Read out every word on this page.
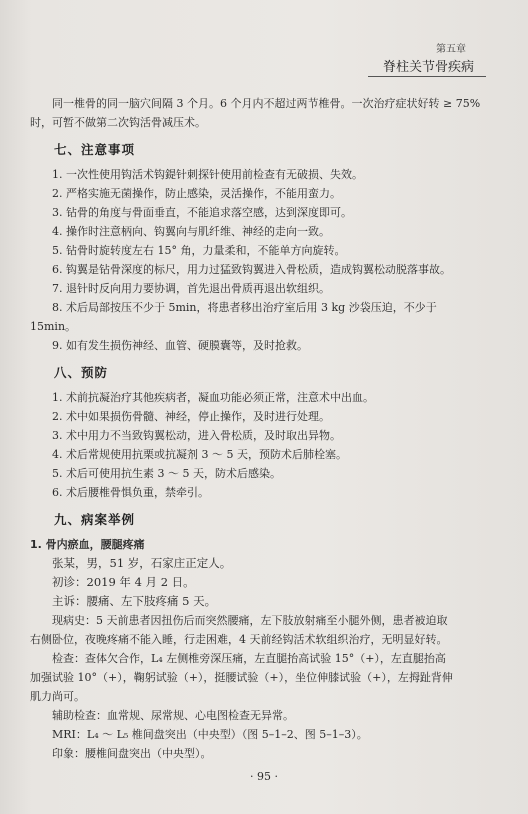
第五章
脊柱关节骨疾病

同一椎骨的同一脑穴间隔 3 个月。6 个月内不超过两节椎骨。一次治疗症状好转 ≥ 75%

时，可暂不做第二次钩活骨减压术。

七、注意事项

1. 一次性使用钩活术钩鍉针刺探针使用前检查有无破损、失效。

2. 严格实施无菌操作，防止感染，灵活操作，不能用蛮力。

3. 钻骨的角度与骨面垂直，不能追求落空感，达到深度即可。

4. 操作时注意柄向、钩翼向与肌纤维、神经的走向一致。

5. 钻骨时旋转度左右 15° 角，力量柔和，不能单方向旋转。

6. 钩翼是钻骨深度的标尺，用力过猛致钩翼进入骨松质，造成钩翼松动脱落事故。

7. 退针时反向用力要协调，首先退出骨质再退出软组织。

8. 术后局部按压不少于 5min，将患者移出治疗室后用 3 kg 沙袋压迫，不少于

15min。

9. 如有发生损伤神经、血管、硬膜囊等，及时抢救。

八、预防

1. 术前抗凝治疗其他疾病者，凝血功能必须正常，注意术中出血。

2. 术中如果损伤骨髓、神经，停止操作，及时进行处理。

3. 术中用力不当致钩翼松动，进入骨松质，及时取出异物。

4. 术后常规使用抗栗或抗凝剂 3 ～ 5 天，预防术后肺栓塞。

5. 术后可使用抗生素 3 ～ 5 天，防术后感染。

6. 术后腰椎骨惧负重，禁牵引。

九、病案举例

1. 骨内瘀血，腰腿疼痛

张某，男，51 岁，石家庄正定人。

初诊：2019 年 4 月 2 日。

主诉：腰痛、左下肢疼痛 5 天。

现病史：5 天前患者因扭伤后而突然腰痛，左下肢放射痛至小腿外侧，患者被迫取

右侧卧位，夜晚疼痛不能入睡，行走困难，4 天前经钩活术软组织治疗，无明显好转。

检查：查体欠合作，L₄ 左侧椎旁深压痛，左直腿抬高试验 15°（+），左直腿抬高

加强试验 10°（+），鞠躬试验（+），挺腰试验（+），坐位伸膝试验（+），左拇趾背伸

肌力尚可。

辅助检查：血常规、尿常规、心电图检查无异常。

MRI：L₄ ～ L₅ 椎间盘突出（中央型）（图 5–1–2、图 5–1–3）。

印象：腰椎间盘突出（中央型）。

· 95 ·
